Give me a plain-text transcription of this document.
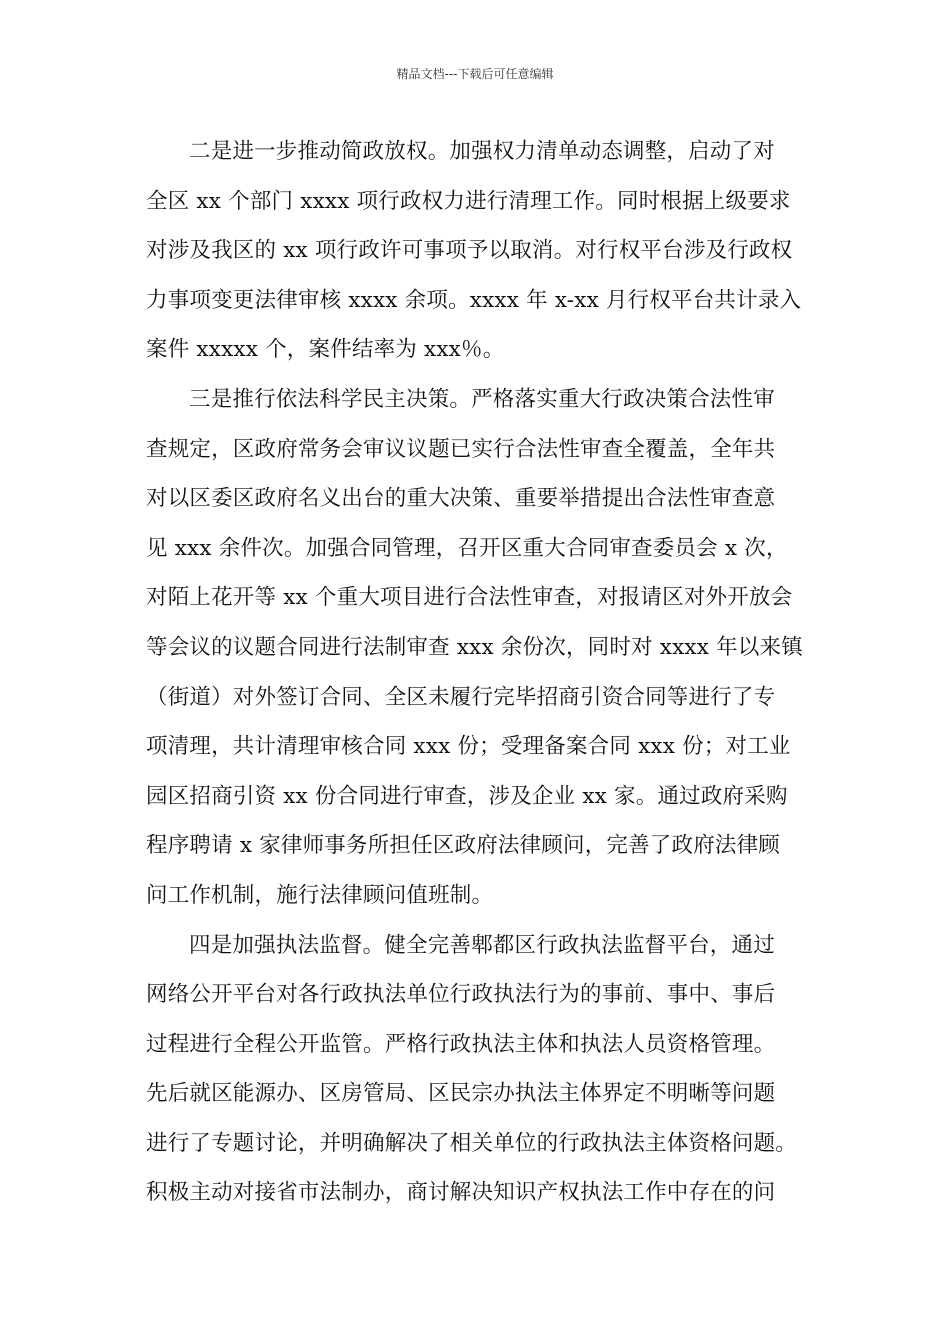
精品文档---下载后可任意编辑
二是进一步推动简政放权。加强权力清单动态调整，启动了对
全区 xx 个部门 xxxx 项行政权力进行清理工作。同时根据上级要求
对涉及我区的 xx 项行政许可事项予以取消。对行权平台涉及行政权
力事项变更法律审核 xxxx 余项。xxxx 年 x-xx 月行权平台共计录入
案件 xxxxx 个，案件结率为 xxx％。
三是推行依法科学民主决策。严格落实重大行政决策合法性审
查规定，区政府常务会审议议题已实行合法性审查全覆盖，全年共
对以区委区政府名义出台的重大决策、重要举措提出合法性审查意
见 xxx 余件次。加强合同管理，召开区重大合同审查委员会 x 次，
对陌上花开等 xx 个重大项目进行合法性审查，对报请区对外开放会
等会议的议题合同进行法制审查 xxx 余份次，同时对 xxxx 年以来镇
（街道）对外签订合同、全区未履行完毕招商引资合同等进行了专
项清理，共计清理审核合同 xxx 份；受理备案合同 xxx 份；对工业
园区招商引资 xx 份合同进行审查，涉及企业 xx 家。通过政府采购
程序聘请 x 家律师事务所担任区政府法律顾问，完善了政府法律顾
问工作机制，施行法律顾问值班制。
四是加强执法监督。健全完善郫都区行政执法监督平台，通过
网络公开平台对各行政执法单位行政执法行为的事前、事中、事后
过程进行全程公开监管。严格行政执法主体和执法人员资格管理。
先后就区能源办、区房管局、区民宗办执法主体界定不明晰等问题
进行了专题讨论，并明确解决了相关单位的行政执法主体资格问题。
积极主动对接省市法制办，商讨解决知识产权执法工作中存在的问
